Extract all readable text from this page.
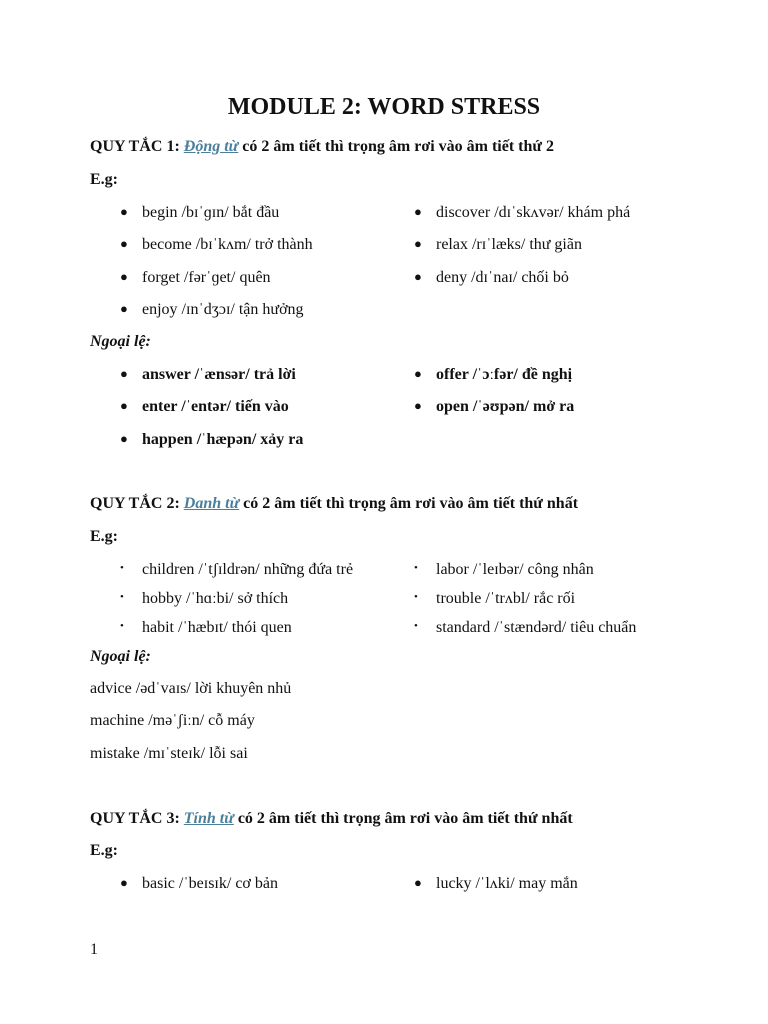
MODULE 2: WORD STRESS
QUY TẮC 1: Động từ có 2 âm tiết thì trọng âm rơi vào âm tiết thứ 2
E.g:
● begin /bɪˈɡɪn/ bắt đầu
● become /bɪˈkʌm/ trở thành
● forget /fərˈɡet/ quên
● enjoy /ɪnˈdʒɔɪ/ tận hưởng
● discover /dɪˈskʌvər/ khám phá
● relax /rɪˈlæks/ thư giãn
● deny /dɪˈnaɪ/ chối bỏ
Ngoại lệ:
● answer /ˈænsər/ trả lời
● enter /ˈentər/ tiến vào
● happen /ˈhæpən/ xảy ra
● offer /ˈɔːfər/ đề nghị
● open /ˈəʊpən/ mở ra
QUY TẮC 2: Danh từ có 2 âm tiết thì trọng âm rơi vào âm tiết thứ nhất
E.g:
• children /ˈtʃɪldrən/ những đứa trẻ
• hobby /ˈhɑːbi/ sở thích
• habit /ˈhæbɪt/ thói quen
• labor /ˈleɪbər/ công nhân
• trouble /ˈtrʌbl/ rắc rối
• standard /ˈstændərd/ tiêu chuẩn
Ngoại lệ:
advice /ədˈvaɪs/ lời khuyên nhủ
machine /məˈʃiːn/ cỗ máy
mistake /mɪˈsteɪk/ lỗi sai
QUY TẮC 3: Tính từ có 2 âm tiết thì trọng âm rơi vào âm tiết thứ nhất
E.g:
● basic /ˈbeɪsɪk/ cơ bản	● lucky /ˈlʌki/ may mắn
1
